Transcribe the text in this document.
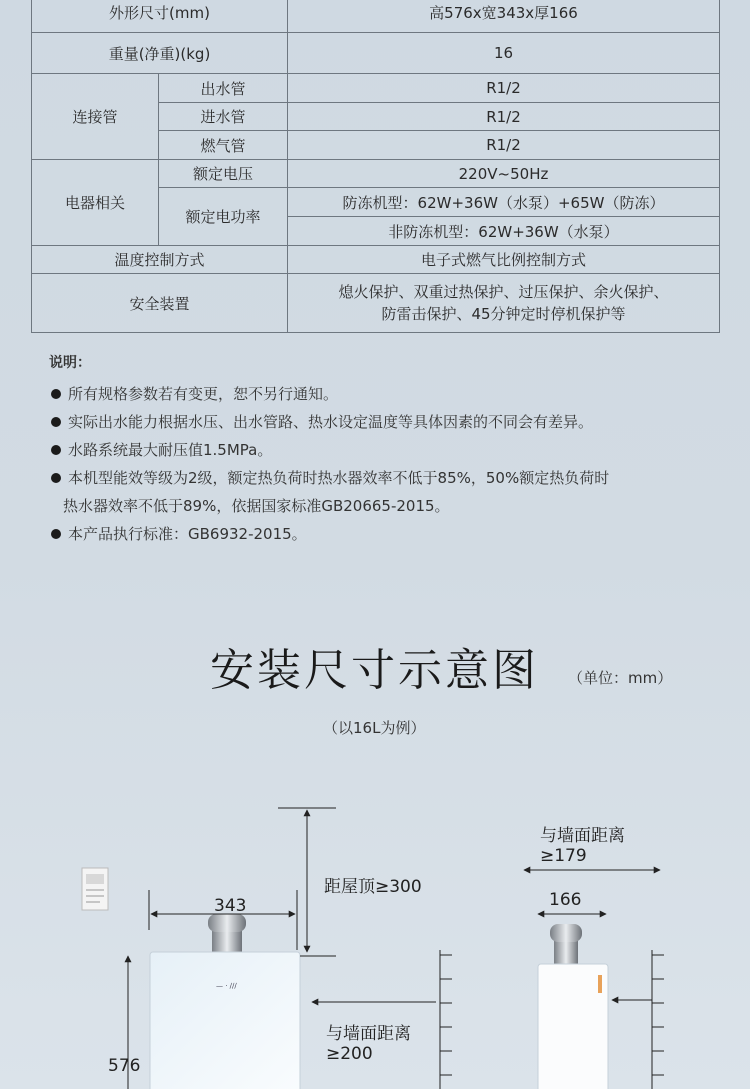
外形尺寸(mm)		高576x宽343x厚166
重量(净重)(kg)		16
连接管	出水管	R1/2
	进水管	R1/2
	燃气管	R1/2
电器相关	额定电压	220V~50Hz
	额定电功率	防冻机型：62W+36W（水泵）+65W（防冻）
		非防冻机型：62W+36W（水泵）
温度控制方式		电子式燃气比例控制方式
安全装置		熄火保护、双重过热保护、过压保护、余火保护、
防雷击保护、45分钟定时停机保护等
说明：
所有规格参数若有变更，恕不另行通知。
实际出水能力根据水压、出水管路、热水设定温度等具体因素的不同会有差异。
水路系统最大耐压值1.5MPa。
本机型能效等级为2级，额定热负荷时热水器效率不低于85%，50%额定热负荷时
热水器效率不低于89%，依据国家标准GB20665-2015。
本产品执行标准：GB6932-2015。
安装尺寸示意图 （单位：mm）
（以16L为例）
— · ∕∕∕
343
576
距屋顶≥300
与墙面距离
≥200
与墙面距离
≥179
166
